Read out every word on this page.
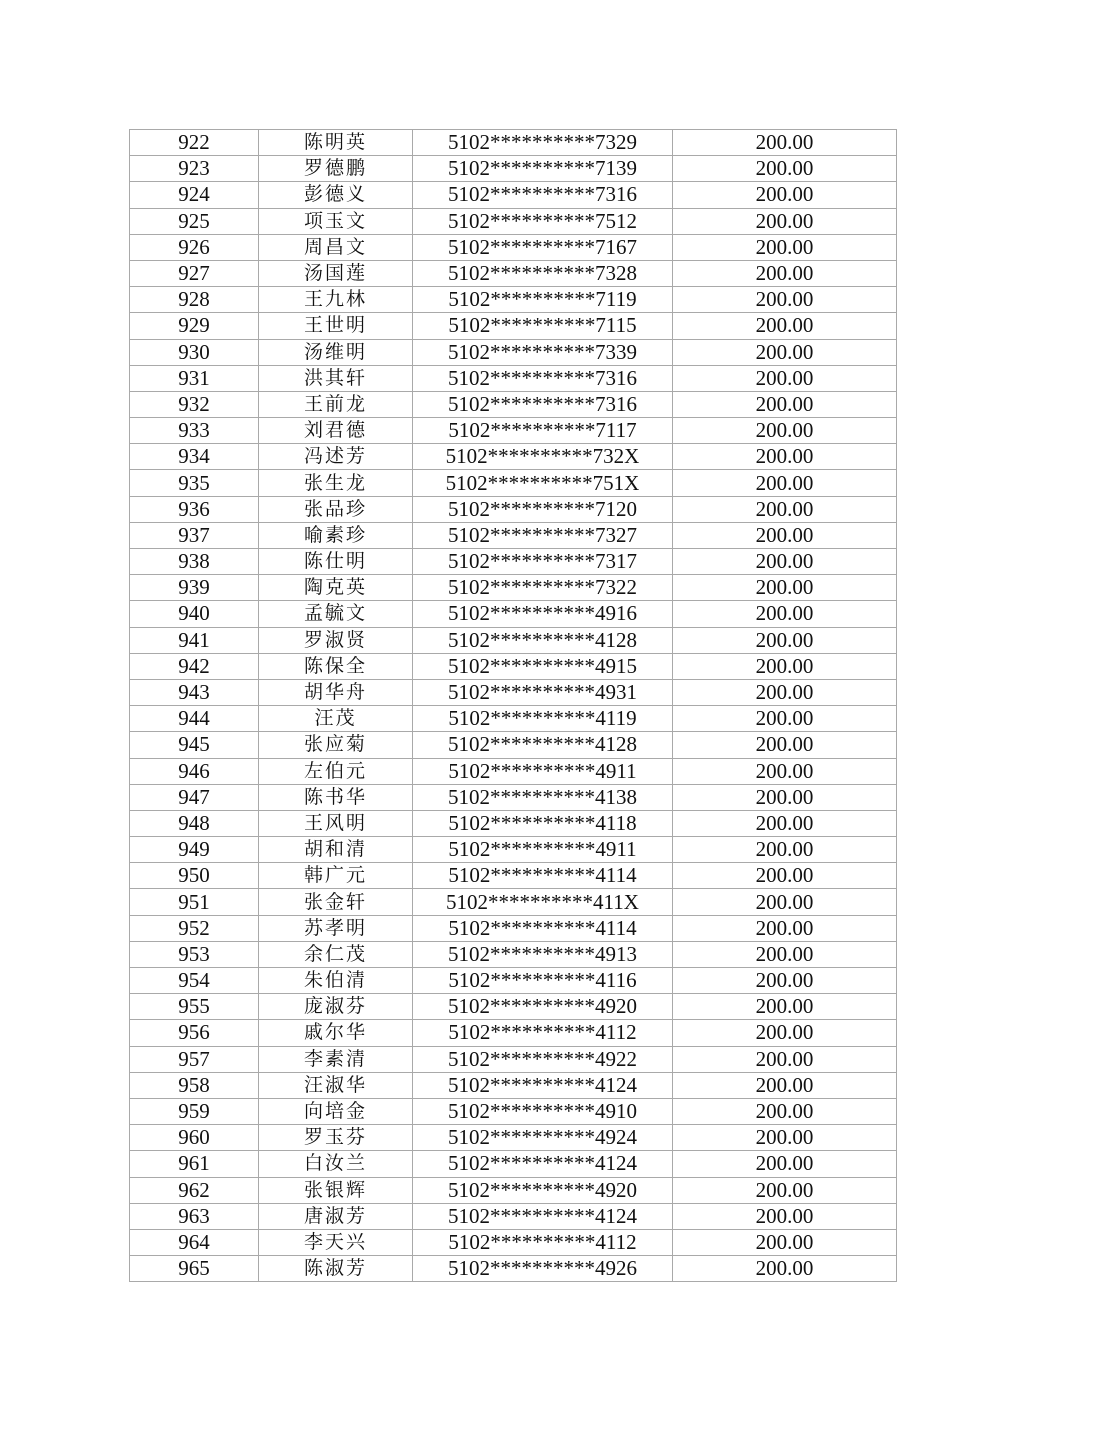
922	陈明英	5102**********7329	200.00
923	罗德鹏	5102**********7139	200.00
924	彭德义	5102**********7316	200.00
925	项玉文	5102**********7512	200.00
926	周昌文	5102**********7167	200.00
927	汤国莲	5102**********7328	200.00
928	王九林	5102**********7119	200.00
929	王世明	5102**********7115	200.00
930	汤维明	5102**********7339	200.00
931	洪其轩	5102**********7316	200.00
932	王前龙	5102**********7316	200.00
933	刘君德	5102**********7117	200.00
934	冯述芳	5102**********732X	200.00
935	张生龙	5102**********751X	200.00
936	张品珍	5102**********7120	200.00
937	喻素珍	5102**********7327	200.00
938	陈仕明	5102**********7317	200.00
939	陶克英	5102**********7322	200.00
940	孟毓文	5102**********4916	200.00
941	罗淑贤	5102**********4128	200.00
942	陈保全	5102**********4915	200.00
943	胡华舟	5102**********4931	200.00
944	汪茂	5102**********4119	200.00
945	张应菊	5102**********4128	200.00
946	左伯元	5102**********4911	200.00
947	陈书华	5102**********4138	200.00
948	王风明	5102**********4118	200.00
949	胡和清	5102**********4911	200.00
950	韩广元	5102**********4114	200.00
951	张金轩	5102**********411X	200.00
952	苏孝明	5102**********4114	200.00
953	余仁茂	5102**********4913	200.00
954	朱伯清	5102**********4116	200.00
955	庞淑芬	5102**********4920	200.00
956	戚尔华	5102**********4112	200.00
957	李素清	5102**********4922	200.00
958	汪淑华	5102**********4124	200.00
959	向培金	5102**********4910	200.00
960	罗玉芬	5102**********4924	200.00
961	白汝兰	5102**********4124	200.00
962	张银辉	5102**********4920	200.00
963	唐淑芳	5102**********4124	200.00
964	李天兴	5102**********4112	200.00
965	陈淑芳	5102**********4926	200.00
